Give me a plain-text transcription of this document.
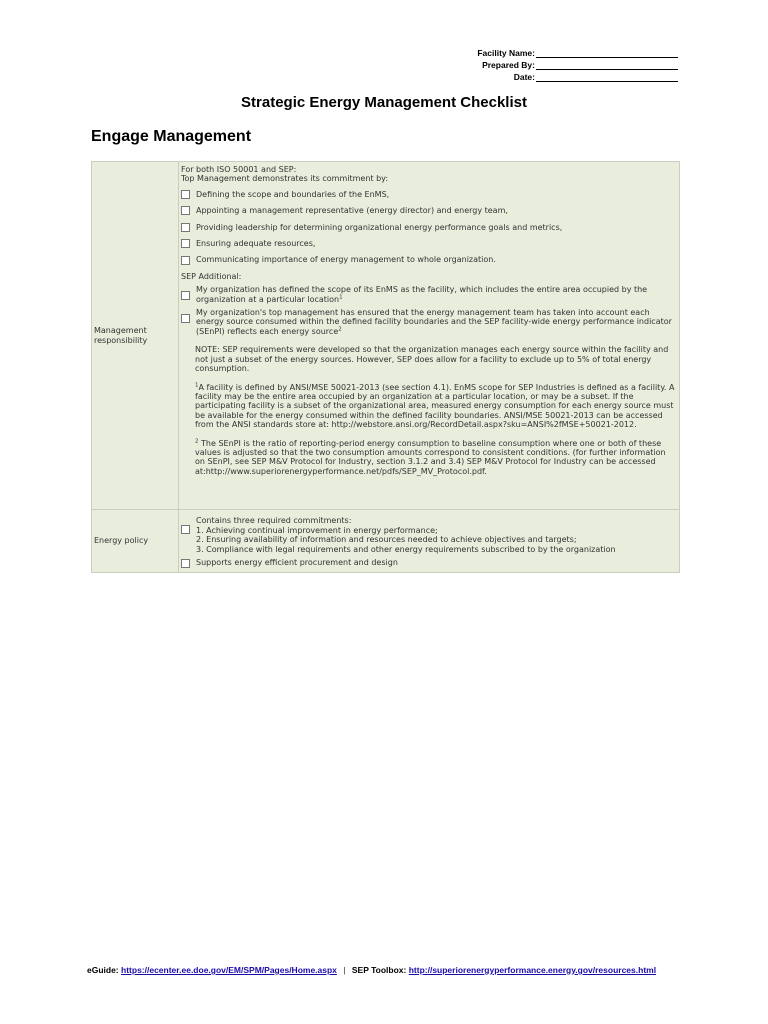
Facility Name:
Prepared By:
Date:
Strategic Energy Management Checklist
Engage Management
Management responsibility
For both ISO 50001 and SEP:
Top Management demonstrates its commitment by:
Defining the scope and boundaries of the EnMS,
Appointing a management representative (energy director) and energy team,
Providing leadership for determining organizational energy performance goals and metrics,
Ensuring adequate resources,
Communicating importance of energy management to whole organization.
SEP Additional:
My organization has defined the scope of its EnMS as the facility, which includes the entire area occupied by the organization at a particular location$^1$
My organization's top management has ensured that the energy management team has taken into account each energy source consumed within the defined facility boundaries and the SEP facility-wide energy performance indicator (SEnPI) reflects each energy source$^2$
NOTE: SEP requirements were developed so that the organization manages each energy source within the facility and not just a subset of the energy sources. However, SEP does allow for a facility to exclude up to 5% of total energy consumption.
$^1$A facility is defined by ANSI/MSE 50021-2013 (see section 4.1). EnMS scope for SEP Industries is defined as a facility. A facility may be the entire area occupied by an organization at a particular location, or may be a subset. If the participating facility is a subset of the organizational area, measured energy consumption for each energy source must be available for the energy consumed within the defined facility boundaries. ANSI/MSE 50021-2013 can be accessed from the ANSI standards store at: http://webstore.ansi.org/RecordDetail.aspx?sku=ANSI%2fMSE+50021-2012.
$^2$ The SEnPI is the ratio of reporting-period energy consumption to baseline consumption where one or both of these values is adjusted so that the two consumption amounts correspond to consistent conditions. (for further information on SEnPI, see SEP M&V Protocol for Industry, section 3.1.2 and 3.4) SEP M&V Protocol for Industry can be accessed at:http://www.superiorenergyperformance.net/pdfs/SEP_MV_Protocol.pdf.
Energy policy
Contains three required commitments:
1. Achieving continual improvement in energy performance;
2. Ensuring availability of information and resources needed to achieve objectives and targets;
3. Compliance with legal requirements and other energy requirements subscribed to by the organization
Supports energy efficient procurement and design
eGuide: https://ecenter.ee.doe.gov/EM/SPM/Pages/Home.aspx | SEP Toolbox: http://superiorenergyperformance.energy.gov/resources.html
